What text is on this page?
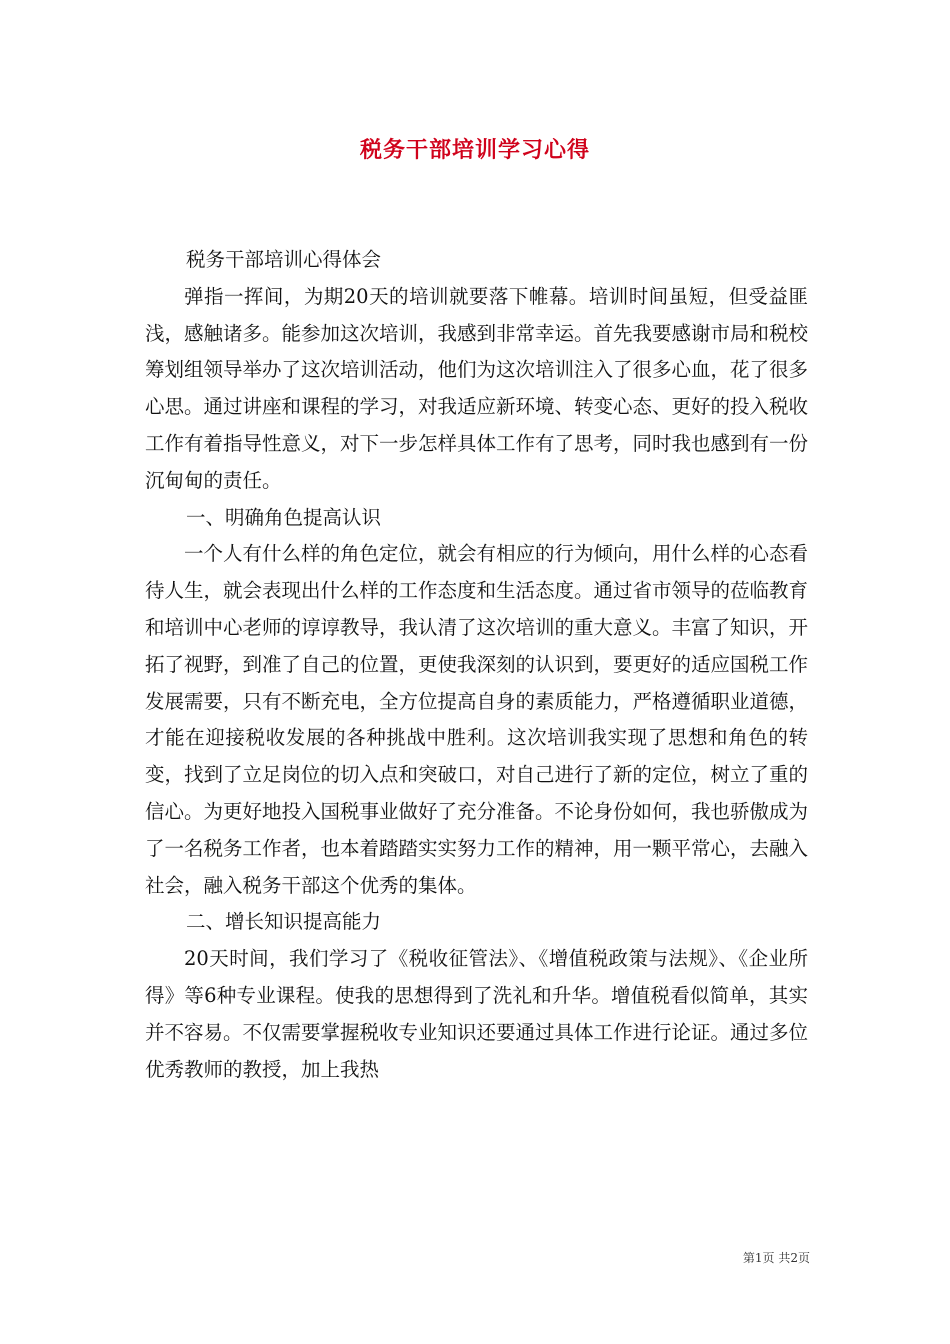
税务干部培训学习心得

税务干部培训心得体会

弹指一挥间，为期20天的培训就要落下帷幕。培训时间虽短，但受益匪浅，感触诸多。能参加这次培训，我感到非常幸运。首先我要感谢市局和税校筹划组领导举办了这次培训活动，他们为这次培训注入了很多心血，花了很多心思。通过讲座和课程的学习，对我适应新环境、转变心态、更好的投入税收工作有着指导性意义，对下一步怎样具体工作有了思考，同时我也感到有一份沉甸甸的责任。

一、明确角色提高认识

一个人有什么样的角色定位，就会有相应的行为倾向，用什么样的心态看待人生，就会表现出什么样的工作态度和生活态度。通过省市领导的莅临教育和培训中心老师的谆谆教导，我认清了这次培训的重大意义。丰富了知识，开拓了视野，到准了自己的位置，更使我深刻的认识到，要更好的适应国税工作发展需要，只有不断充电，全方位提高自身的素质能力，严格遵循职业道德，才能在迎接税收发展的各种挑战中胜利。这次培训我实现了思想和角色的转变，找到了立足岗位的切入点和突破口，对自己进行了新的定位，树立了重的信心。为更好地投入国税事业做好了充分准备。不论身份如何，我也骄傲成为了一名税务工作者，也本着踏踏实实努力工作的精神，用一颗平常心，去融入社会，融入税务干部这个优秀的集体。

二、增长知识提高能力

20天时间，我们学习了《税收征管法》、《增值税政策与法规》、《企业所得》等6种专业课程。使我的思想得到了洗礼和升华。增值税看似简单，其实并不容易。不仅需要掌握税收专业知识还要通过具体工作进行论证。通过多位优秀教师的教授，加上我热

第1页 共2页
